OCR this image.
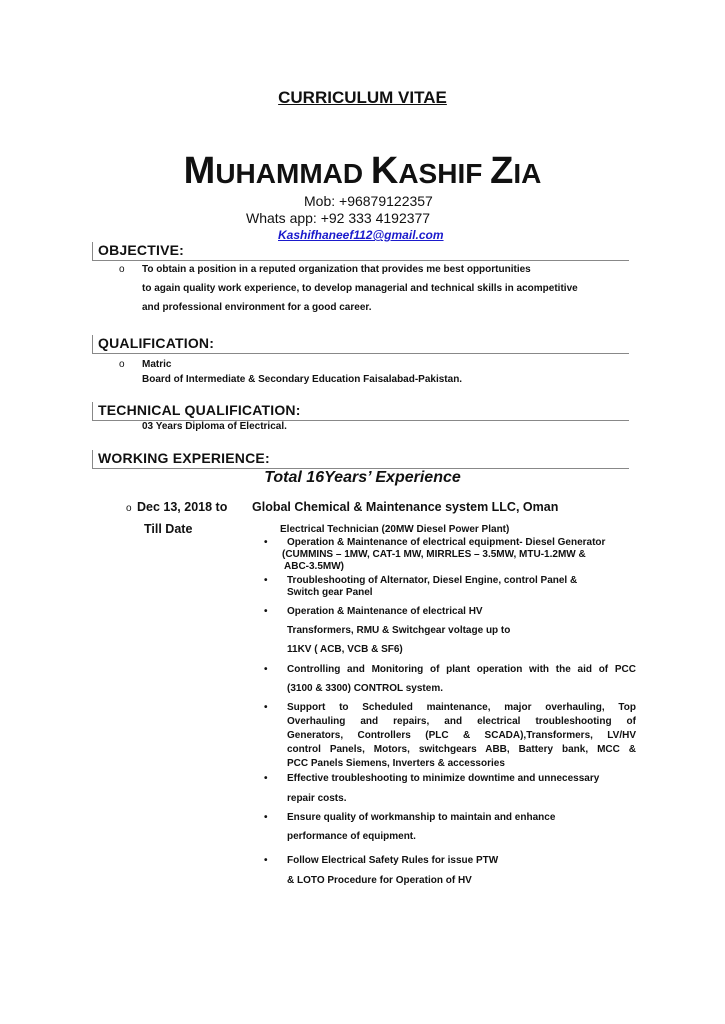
CURRICULUM VITAE
MUHAMMAD KASHIF ZIA
Mob: +96879122357
Whats app: +92 333 4192377
Kashifhaneef112@gmail.com
OBJECTIVE:
o To obtain a position in a reputed organization that provides me best opportunities
to again quality work experience, to develop managerial and technical skills in acompetitive
and professional environment for a good career.
QUALIFICATION:
o Matric
Board of Intermediate & Secondary Education Faisalabad-Pakistan.
TECHNICAL QUALIFICATION:
03 Years Diploma of Electrical.
WORKING EXPERIENCE:
Total 16Years’ Experience
o Dec 13, 2018 to
Till Date
Global Chemical & Maintenance system LLC, Oman
Electrical Technician (20MW Diesel Power Plant)
• Operation & Maintenance of electrical equipment- Diesel Generator
(CUMMINS – 1MW, CAT-1 MW, MIRRLES – 3.5MW, MTU-1.2MW &
ABC-3.5MW)
• Troubleshooting of Alternator, Diesel Engine, control Panel &
Switch gear Panel
• Operation & Maintenance of electrical HV
Transformers, RMU & Switchgear voltage up to
11KV ( ACB, VCB & SF6)
• Controlling and Monitoring of plant operation with the aid of PCC
(3100 & 3300) CONTROL system.
• Support to Scheduled maintenance, major overhauling, Top
Overhauling and repairs, and electrical troubleshooting of
Generators, Controllers (PLC & SCADA),Transformers, LV/HV
control Panels, Motors, switchgears ABB, Battery bank, MCC &
PCC Panels Siemens, Inverters & accessories
• Effective troubleshooting to minimize downtime and unnecessary
repair costs.
• Ensure quality of workmanship to maintain and enhance
performance of equipment.
• Follow Electrical Safety Rules for issue PTW
& LOTO Procedure for Operation of HV
